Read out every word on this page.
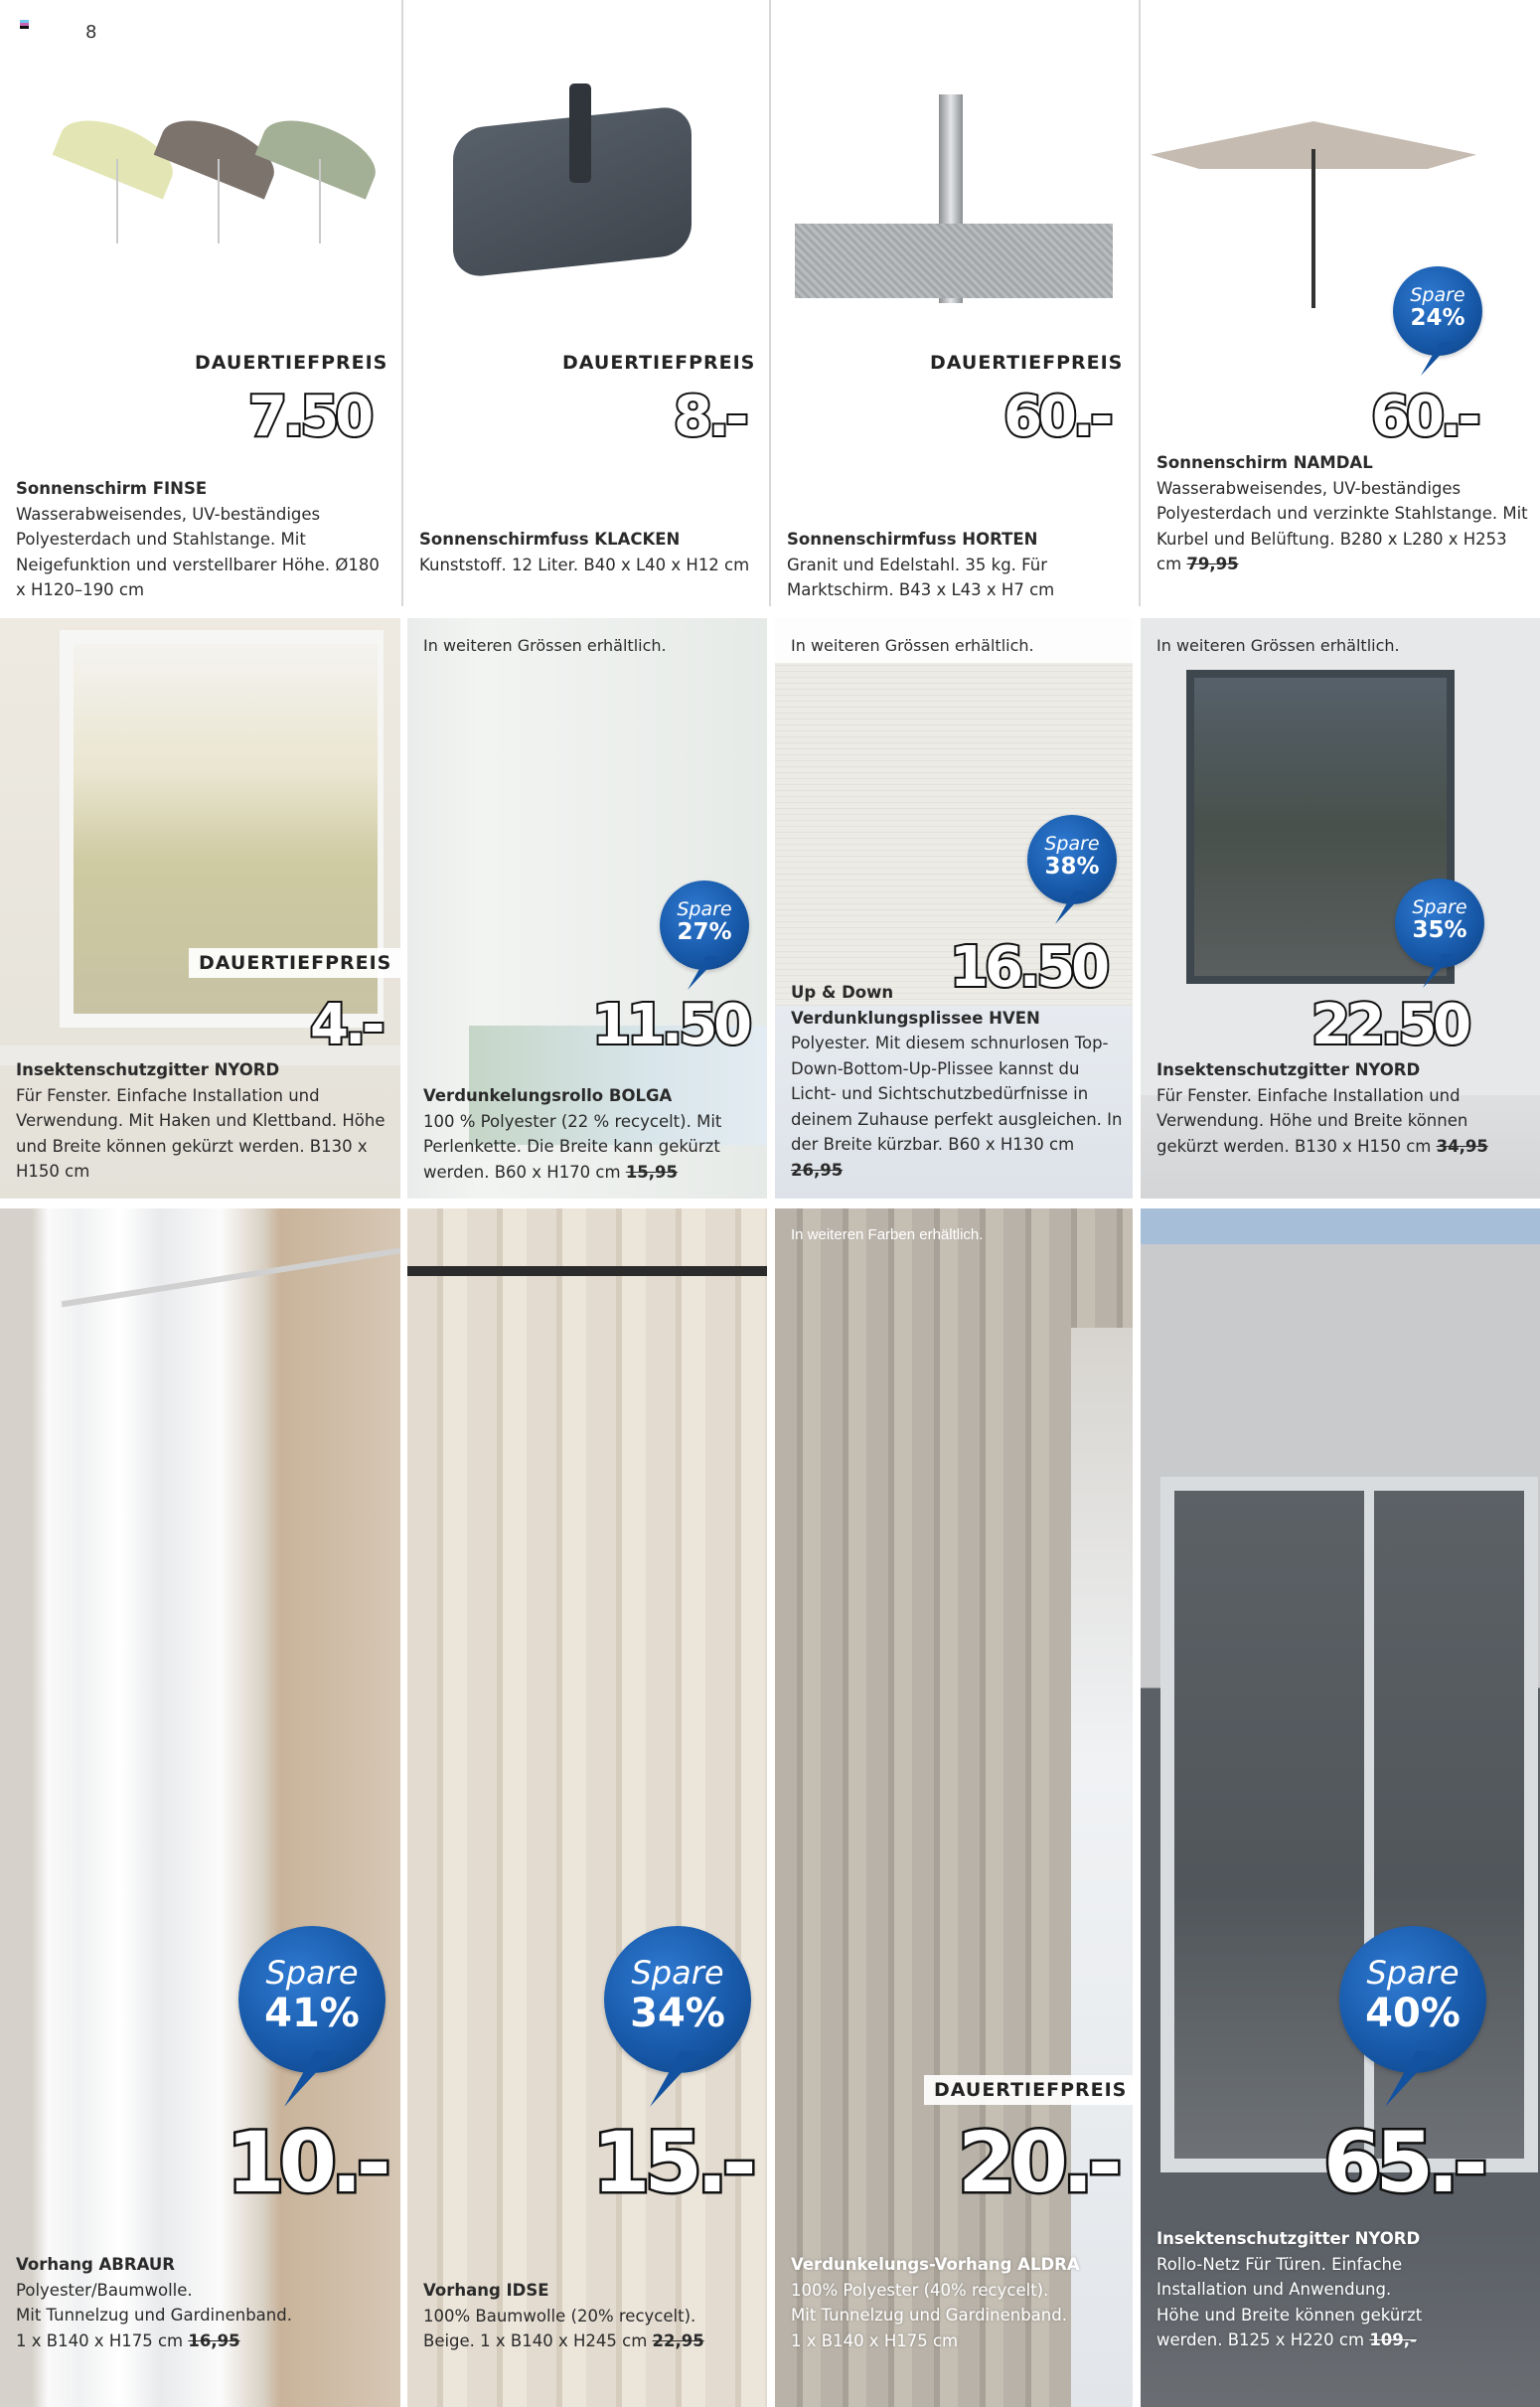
8
DAUERTIEFPREIS
7.50
Sonnenschirm FINSE
Wasserabweisendes, UV-beständiges Polyesterdach und Stahlstange. Mit Neigefunktion und verstellbarer Höhe. Ø180 x H120–190 cm
DAUERTIEFPREIS
8.-
Sonnenschirmfuss KLACKEN
Kunststoff. 12 Liter. B40 x L40 x H12 cm
DAUERTIEFPREIS
60.-
Sonnenschirmfuss HORTEN
Granit und Edelstahl. 35 kg. Für Marktschirm. B43 x L43 x H7 cm
Spare
24%
60.-
Sonnenschirm NAMDAL
Wasserabweisendes, UV-beständiges Polyesterdach und verzinkte Stahlstange. Mit Kurbel und Belüftung. B280 x L280 x H253 cm 79,95
DAUERTIEFPREIS
4.-
Insektenschutzgitter NYORD
Für Fenster. Einfache Installation und Verwendung. Mit Haken und Klettband. Höhe und Breite können gekürzt werden. B130 x H150 cm
In weiteren Grössen erhältlich.
Spare
27%
11.50
Verdunkelungsrollo BOLGA
100 % Polyester (22 % recycelt). Mit Perlenkette. Die Breite kann gekürzt werden. B60 x H170 cm 15,95
In weiteren Grössen erhältlich.
Spare
38%
16.50
Up & Down
Verdunklungsplissee HVEN
Polyester. Mit diesem schnurlosen Top-Down-Bottom-Up-Plissee kannst du Licht- und Sichtschutzbedürfnisse in deinem Zuhause perfekt ausgleichen. In der Breite kürzbar. B60 x H130 cm 26,95
In weiteren Grössen erhältlich.
Spare
35%
22.50
Insektenschutzgitter NYORD
Für Fenster. Einfache Installation und Verwendung. Höhe und Breite können gekürzt werden. B130 x H150 cm 34,95
Spare
41%
10.-
Vorhang ABRAUR
Polyester/Baumwolle.
Mit Tunnelzug und Gardinenband.
1 x B140 x H175 cm 16,95
Spare
34%
15.-
Vorhang IDSE
100% Baumwolle (20% recycelt).
Beige. 1 x B140 x H245 cm 22,95
In weiteren Farben erhältlich.
DAUERTIEFPREIS
20.-
Verdunkelungs-Vorhang ALDRA
100% Polyester (40% recycelt).
Mit Tunnelzug und Gardinenband.
1 x B140 x H175 cm
Spare
40%
65.-
Insektenschutzgitter NYORD
Rollo-Netz Für Türen. Einfache
Installation und Anwendung.
Höhe und Breite können gekürzt
werden. B125 x H220 cm 109,-
